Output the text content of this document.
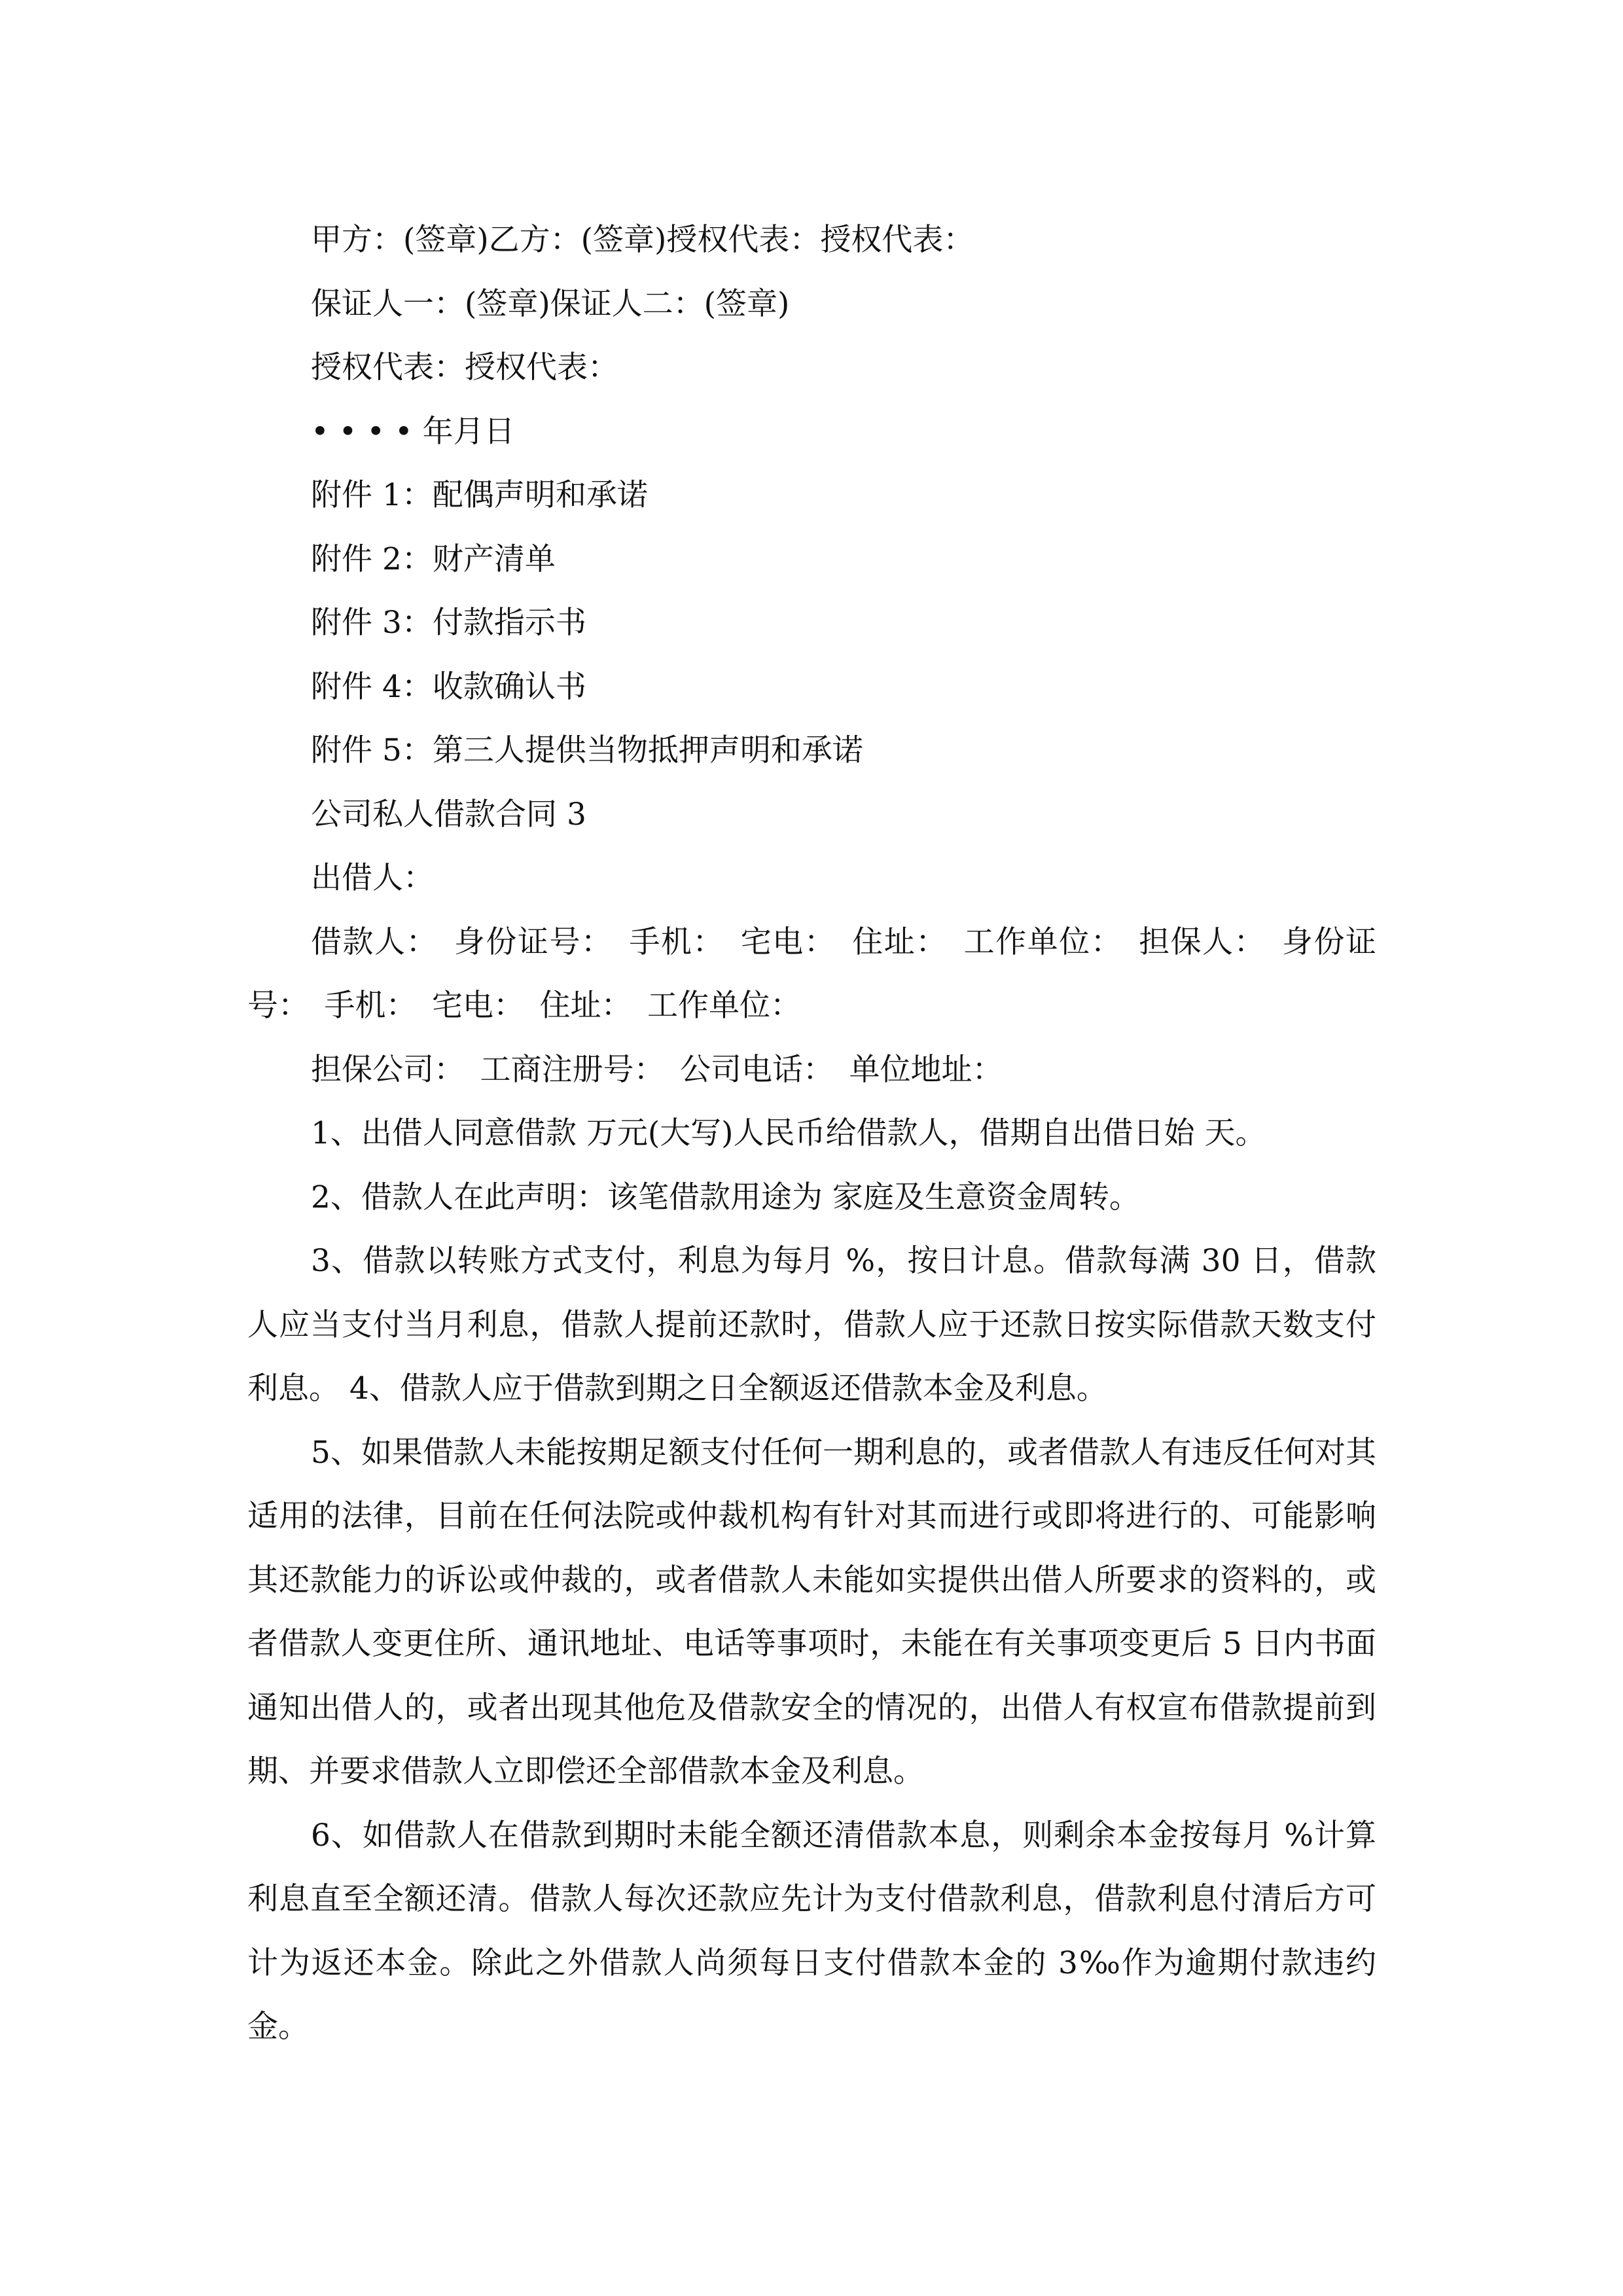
甲方：(签章)乙方：(签章)授权代表：授权代表：

保证人一：(签章)保证人二：(签章)

授权代表：授权代表：

• • • • 年月日

附件 1：配偶声明和承诺

附件 2：财产清单

附件 3：付款指示书

附件 4：收款确认书

附件 5：第三人提供当物抵押声明和承诺

公司私人借款合同 3

出借人：

借款人：　身份证号：　手机：　宅电：　住址：　工作单位：　担保人：　身份证号：　手机：　宅电：　住址：　工作单位：

担保公司：　工商注册号：　公司电话：　单位地址：

1、出借人同意借款 万元(大写)人民币给借款人，借期自出借日始 天。

2、借款人在此声明：该笔借款用途为 家庭及生意资金周转。

3、借款以转账方式支付，利息为每月 %，按日计息。借款每满 30 日，借款人应当支付当月利息，借款人提前还款时，借款人应于还款日按实际借款天数支付利息。 4、借款人应于借款到期之日全额返还借款本金及利息。

5、如果借款人未能按期足额支付任何一期利息的，或者借款人有违反任何对其适用的法律，目前在任何法院或仲裁机构有针对其而进行或即将进行的、可能影响其还款能力的诉讼或仲裁的，或者借款人未能如实提供出借人所要求的资料的，或者借款人变更住所、通讯地址、电话等事项时，未能在有关事项变更后 5 日内书面通知出借人的，或者出现其他危及借款安全的情况的，出借人有权宣布借款提前到期、并要求借款人立即偿还全部借款本金及利息。

6、如借款人在借款到期时未能全额还清借款本息，则剩余本金按每月 %计算利息直至全额还清。借款人每次还款应先计为支付借款利息，借款利息付清后方可计为返还本金。除此之外借款人尚须每日支付借款本金的 3‰作为逾期付款违约金。
